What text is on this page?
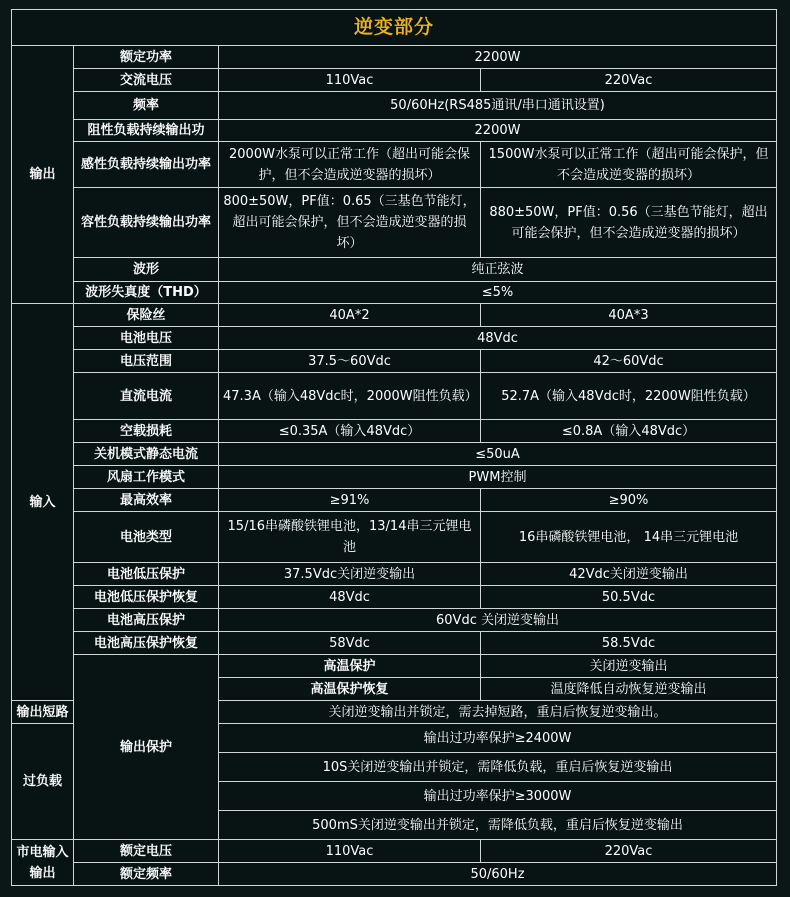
逆变部分			
输出	额定功率	2200W	
	交流电压	110Vac	220Vac
	频率	50/60Hz(RS485通讯/串口通讯设置)	
	阻性负载持续输出功	2200W	
	感性负载持续输出功率	2000W水泵可以正常工作（超出可能会保护，但不会造成逆变器的损坏）	1500W水泵可以正常工作（超出可能会保护，但不会造成逆变器的损坏）
	容性负载持续输出功率	800±50W，PF值：0.65（三基色节能灯，超出可能会保护，但不会造成逆变器的损坏）	880±50W，PF值：0.56（三基色节能灯，超出可能会保护，但不会造成逆变器的损坏）
	波形	纯正弦波	
	波形失真度（THD）	≤5%	
输入	保险丝	40A*2	40A*3
	电池电压	48Vdc	
	电压范围	37.5～60Vdc	42～60Vdc
	直流电流	47.3A（输入48Vdc时，2000W阻性负载）	52.7A（输入48Vdc时，2200W阻性负载）
	空载损耗	≤0.35A（输入48Vdc）	≤0.8A（输入48Vdc）
	关机模式静态电流	≤50uA	
	风扇工作模式	PWM控制	
	最高效率	≥91%	≥90%
	电池类型	15/16串磷酸铁锂电池，13/14串三元锂电池	16串磷酸铁锂电池， 14串三元锂电池
	电池低压保护	37.5Vdc关闭逆变输出	42Vdc关闭逆变输出
	电池低压保护恢复	48Vdc	50.5Vdc
	电池高压保护	60Vdc 关闭逆变输出	
	电池高压保护恢复	58Vdc	58.5Vdc
	输出保护	高温保护	关闭逆变输出
		高温保护恢复	温度降低自动恢复逆变输出
输出短路		关闭逆变输出并锁定，需去掉短路，重启后恢复逆变输出。	
过负载		输出过功率保护≥2400W	
		10S关闭逆变输出并锁定，需降低负载，重启后恢复逆变输出	
		输出过功率保护≥3000W	
		500mS关闭逆变输出并锁定，需降低负载，重启后恢复逆变输出	
市电输入输出	额定电压	110Vac	220Vac
	额定频率	50/60Hz	
